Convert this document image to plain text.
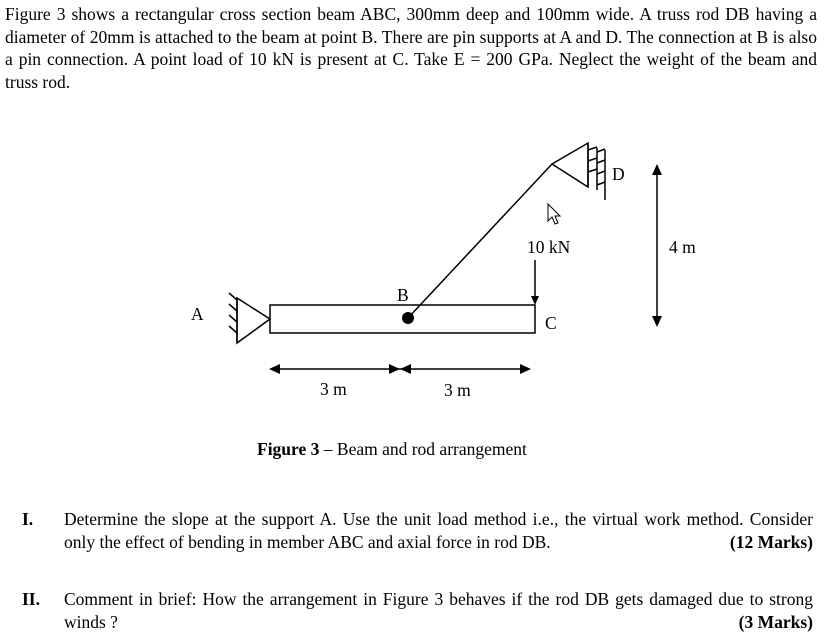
Figure 3 shows a rectangular cross section beam ABC, 300mm deep and 100mm wide. A truss rod DB having a diameter of 20mm is attached to the beam at point B. There are pin supports at A and D. The connection at B is also a pin connection. A point load of 10 kN is present at C. Take E = 200 GPa. Neglect the weight of the beam and truss rod.

A
B
D
10 kN
C
4 m
3 m	3 m
Figure 3 – Beam and rod arrangement
I. Determine the slope at the support A. Use the unit load method i.e., the virtual work method. Consider only the effect of bending in member ABC and axial force in rod DB.	(12 Marks)
II. Comment in brief: How the arrangement in Figure 3 behaves if the rod DB gets damaged due to strong winds ?	(3 Marks)
